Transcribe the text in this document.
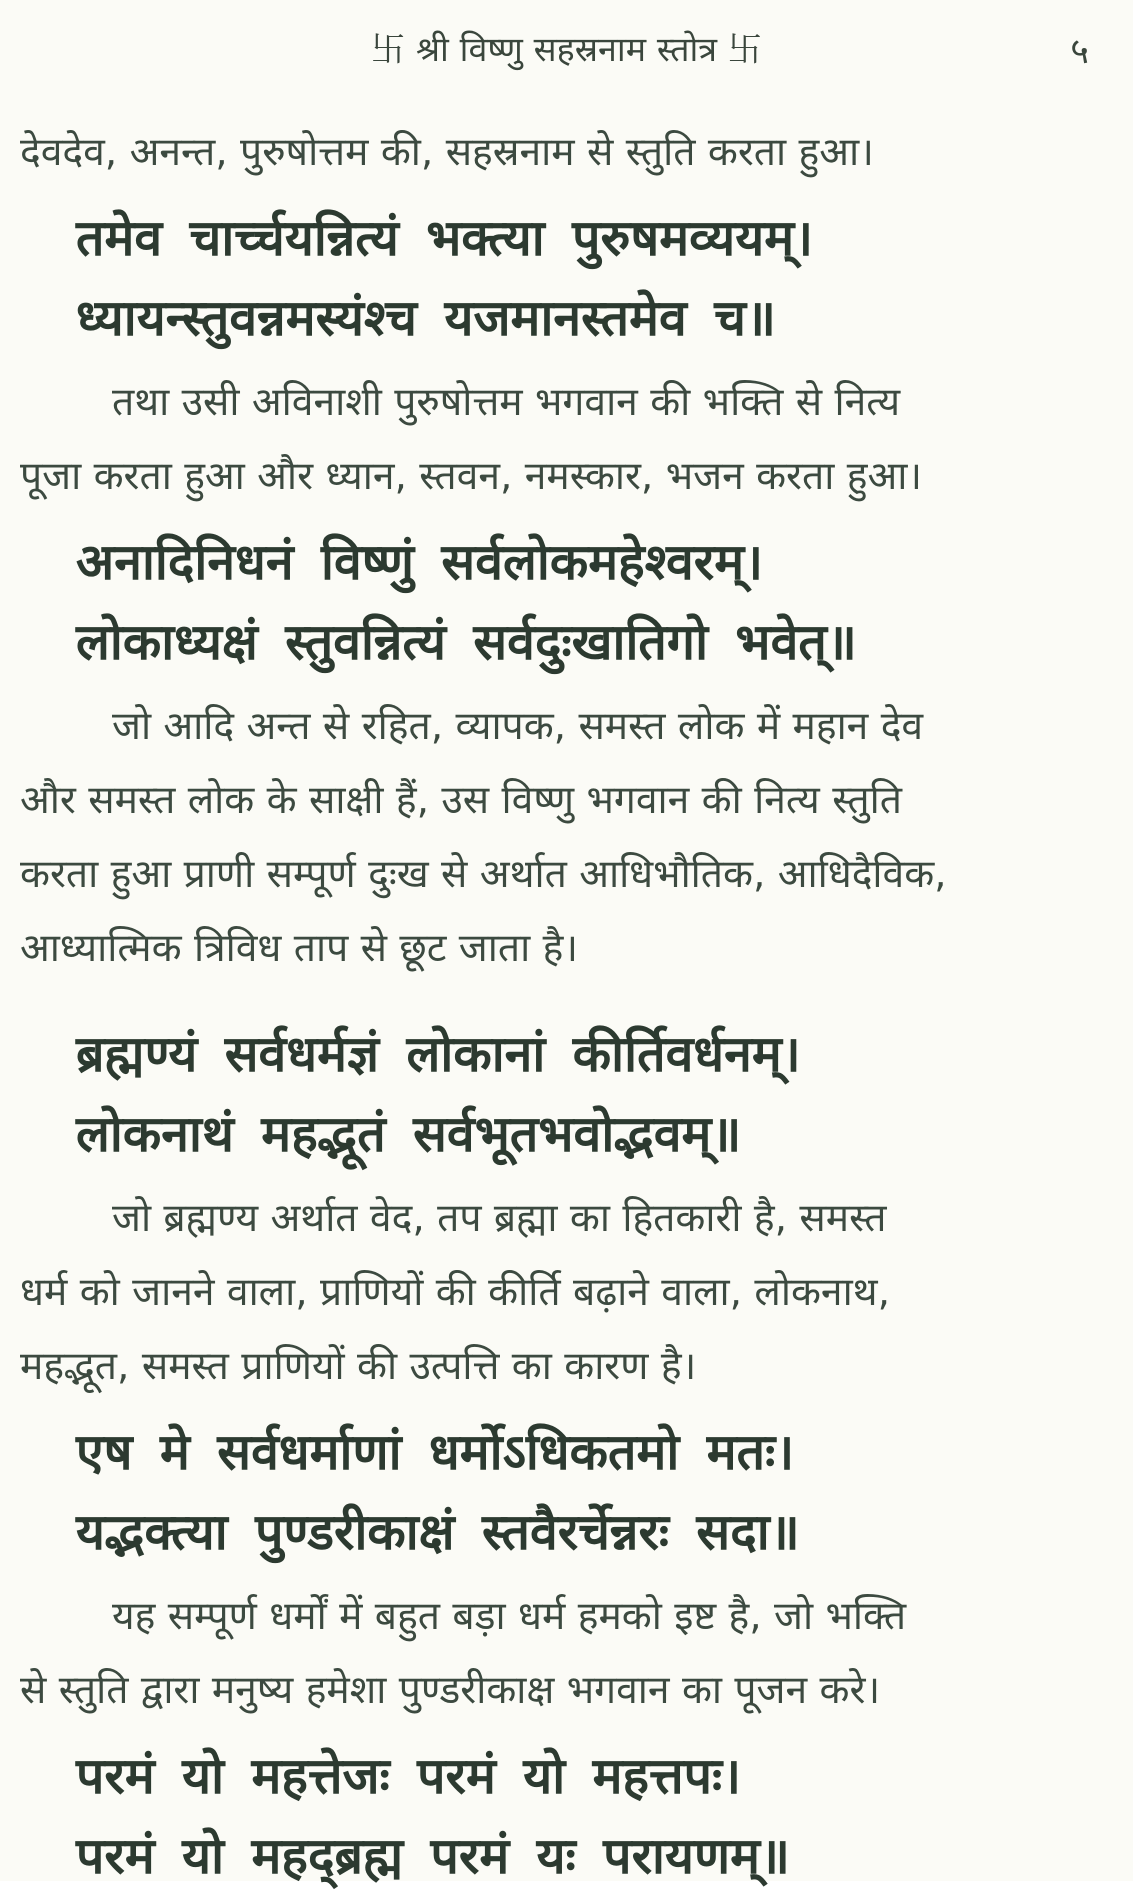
卐 श्री विष्णु सहस्रनाम स्तोत्र 卐	५
देवदेव, अनन्त, पुरुषोत्तम की, सहस्रनाम से स्तुति करता हुआ।
तमेव चार्च्चयन्नित्यं भक्त्या पुरुषमव्ययम्।
ध्यायन्स्तुवन्नमस्यंश्च यजमानस्तमेव च॥
तथा उसी अविनाशी पुरुषोत्तम भगवान की भक्ति से नित्य
पूजा करता हुआ और ध्यान, स्तवन, नमस्कार, भजन करता हुआ।
अनादिनिधनं विष्णुं सर्वलोकमहेश्वरम्।
लोकाध्यक्षं स्तुवन्नित्यं सर्वदुःखातिगो भवेत्॥
जो आदि अन्त से रहित, व्यापक, समस्त लोक में महान देव
और समस्त लोक के साक्षी हैं, उस विष्णु भगवान की नित्य स्तुति
करता हुआ प्राणी सम्पूर्ण दुःख से अर्थात आधिभौतिक, आधिदैविक,
आध्यात्मिक त्रिविध ताप से छूट जाता है।
ब्रह्मण्यं सर्वधर्मज्ञं लोकानां कीर्तिवर्धनम्।
लोकनाथं महद्भूतं सर्वभूतभवोद्भवम्॥
जो ब्रह्मण्य अर्थात वेद, तप ब्रह्मा का हितकारी है, समस्त
धर्म को जानने वाला, प्राणियों की कीर्ति बढ़ाने वाला, लोकनाथ,
महद्भूत, समस्त प्राणियों की उत्पत्ति का कारण है।
एष मे सर्वधर्माणां धर्मोऽधिकतमो मतः।
यद्भक्त्या पुण्डरीकाक्षं स्तवैरर्चेन्नरः सदा॥
यह सम्पूर्ण धर्मों में बहुत बड़ा धर्म हमको इष्ट है, जो भक्ति
से स्तुति द्वारा मनुष्य हमेशा पुण्डरीकाक्ष भगवान का पूजन करे।
परमं यो महत्तेजः परमं यो महत्तपः।
परमं यो महद्ब्रह्म परमं यः परायणम्॥
